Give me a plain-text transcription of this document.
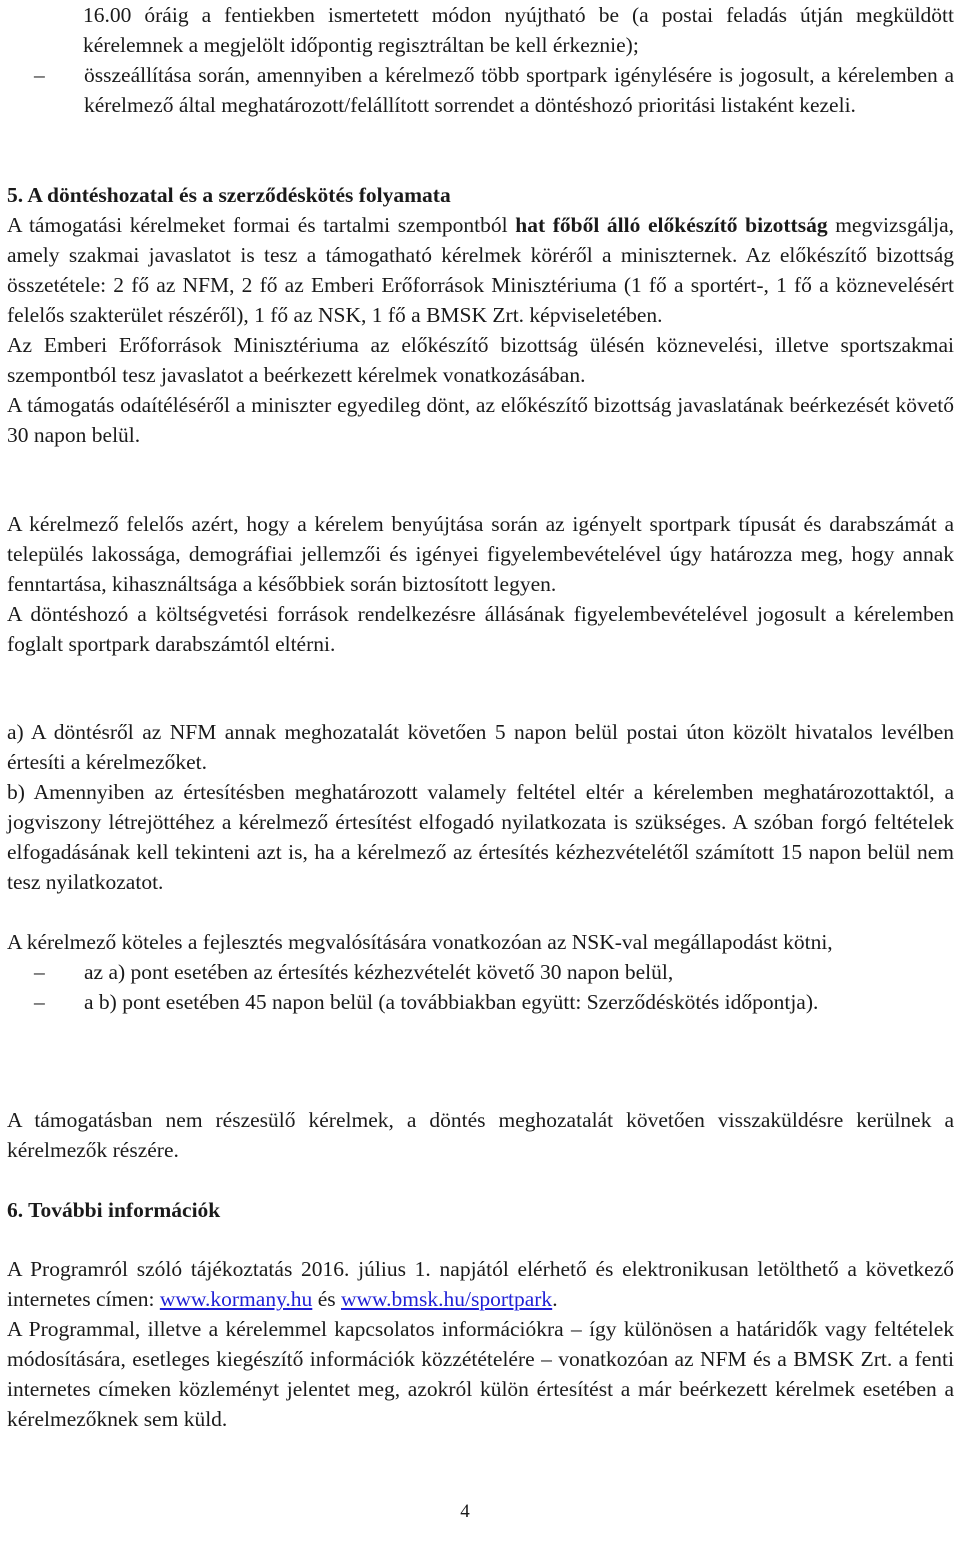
16.00 óráig a fentiekben ismertetett módon nyújtható be (a postai feladás útján megküldött kérelemnek a megjelölt időpontig regisztráltan be kell érkeznie);

– összeállítása során, amennyiben a kérelmező több sportpark igénylésére is jogosult, a kérelemben a kérelmező által meghatározott/felállított sorrendet a döntéshozó prioritási listaként kezeli.

5. A döntéshozatal és a szerződéskötés folyamata

A támogatási kérelmeket formai és tartalmi szempontból hat főből álló előkészítő bizottság megvizsgálja, amely szakmai javaslatot is tesz a támogatható kérelmek köréről a miniszternek. Az előkészítő bizottság összetétele: 2 fő az NFM, 2 fő az Emberi Erőforrások Minisztériuma (1 fő a sportért-, 1 fő a köznevelésért felelős szakterület részéről), 1 fő az NSK, 1 fő a BMSK Zrt. képviseletében.

Az Emberi Erőforrások Minisztériuma az előkészítő bizottság ülésén köznevelési, illetve sportszakmai szempontból tesz javaslatot a beérkezett kérelmek vonatkozásában.

A támogatás odaítéléséről a miniszter egyedileg dönt, az előkészítő bizottság javaslatának beérkezését követő 30 napon belül.

A kérelmező felelős azért, hogy a kérelem benyújtása során az igényelt sportpark típusát és darabszámát a település lakossága, demográfiai jellemzői és igényei figyelembevételével úgy határozza meg, hogy annak fenntartása, kihasználtsága a későbbiek során biztosított legyen.

A döntéshozó a költségvetési források rendelkezésre állásának figyelembevételével jogosult a kérelemben foglalt sportpark darabszámtól eltérni.

a) A döntésről az NFM annak meghozatalát követően 5 napon belül postai úton közölt hivatalos levélben értesíti a kérelmezőket.

b) Amennyiben az értesítésben meghatározott valamely feltétel eltér a kérelemben meghatározottaktól, a jogviszony létrejöttéhez a kérelmező értesítést elfogadó nyilatkozata is szükséges. A szóban forgó feltételek elfogadásának kell tekinteni azt is, ha a kérelmező az értesítés kézhezvételétől számított 15 napon belül nem tesz nyilatkozatot.

A kérelmező köteles a fejlesztés megvalósítására vonatkozóan az NSK-val megállapodást kötni,

– az a) pont esetében az értesítés kézhezvételét követő 30 napon belül,

– a b) pont esetében 45 napon belül (a továbbiakban együtt: Szerződéskötés időpontja).

A támogatásban nem részesülő kérelmek, a döntés meghozatalát követően visszaküldésre kerülnek a kérelmezők részére.

6. További információk

A Programról szóló tájékoztatás 2016. július 1. napjától elérhető és elektronikusan letölthető a következő internetes címen: www.kormany.hu és www.bmsk.hu/sportpark.

A Programmal, illetve a kérelemmel kapcsolatos információkra – így különösen a határidők vagy feltételek módosítására, esetleges kiegészítő információk közzétételére – vonatkozóan az NFM és a BMSK Zrt. a fenti internetes címeken közleményt jelentet meg, azokról külön értesítést a már beérkezett kérelmek esetében a kérelmezőknek sem küld.

4
